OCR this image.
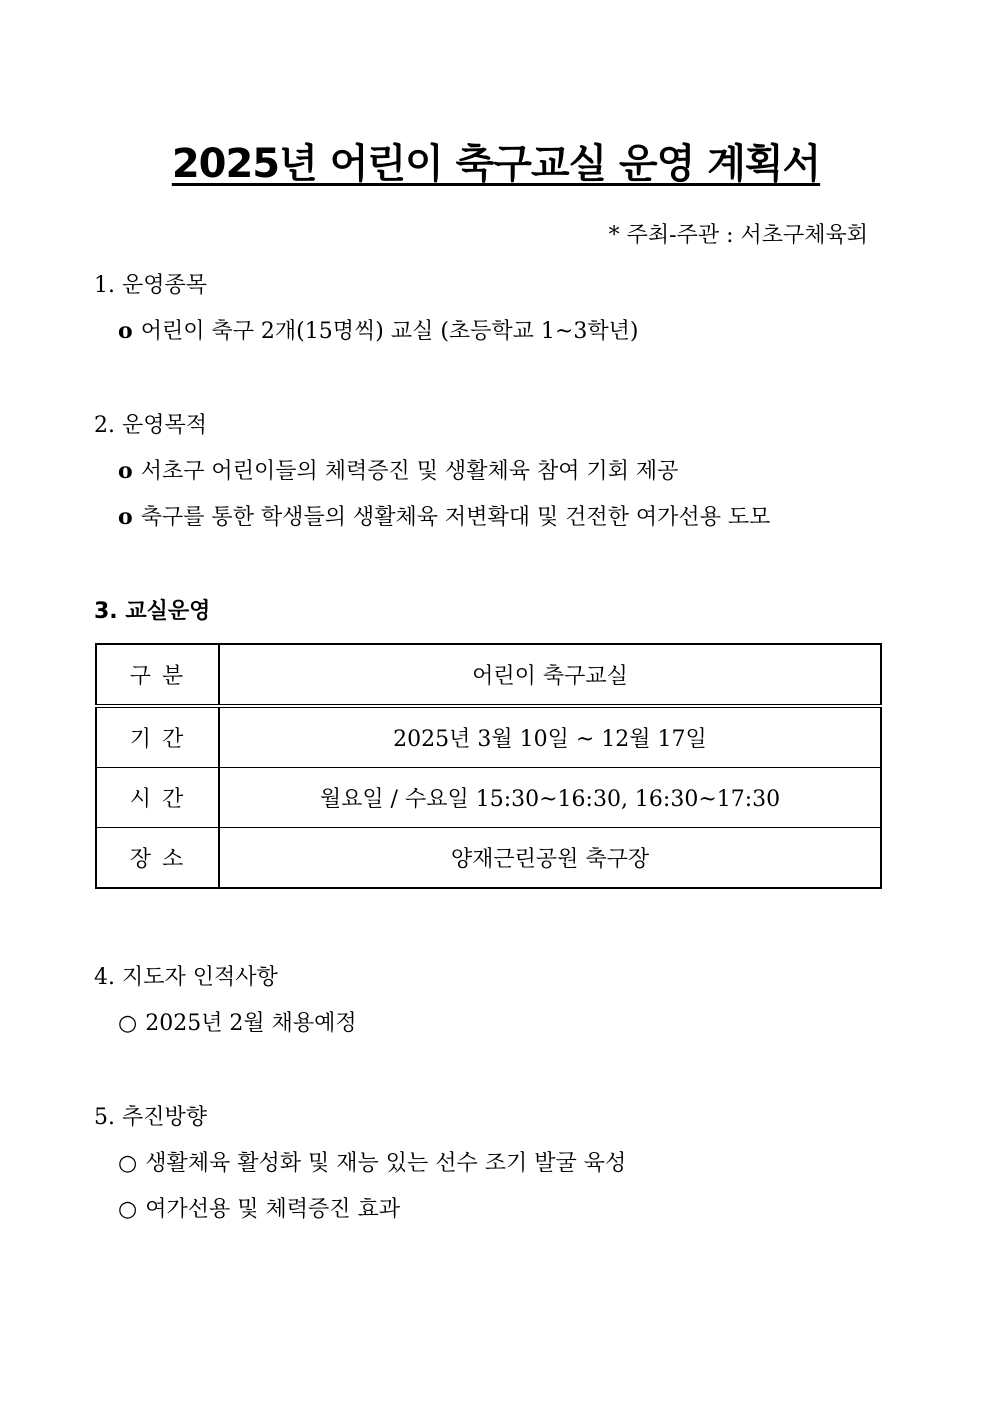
2025년 어린이 축구교실 운영 계획서
* 주최-주관 : 서초구체육회
1. 운영종목
o 어린이 축구 2개(15명씩) 교실 (초등학교 1~3학년)
2. 운영목적
o 서초구 어린이들의 체력증진 및 생활체육 참여 기회 제공
o 축구를 통한 학생들의 생활체육 저변확대 및 건전한 여가선용 도모
3. 교실운영
구 분	어린이 축구교실
기 간	2025년 3월 10일 ~ 12월 17일
시 간	월요일 / 수요일 15:30~16:30, 16:30~17:30
장 소	양재근린공원 축구장
4. 지도자 인적사항
○ 2025년 2월 채용예정
5. 추진방향
○ 생활체육 활성화 및 재능 있는 선수 조기 발굴 육성
○ 여가선용 및 체력증진 효과
